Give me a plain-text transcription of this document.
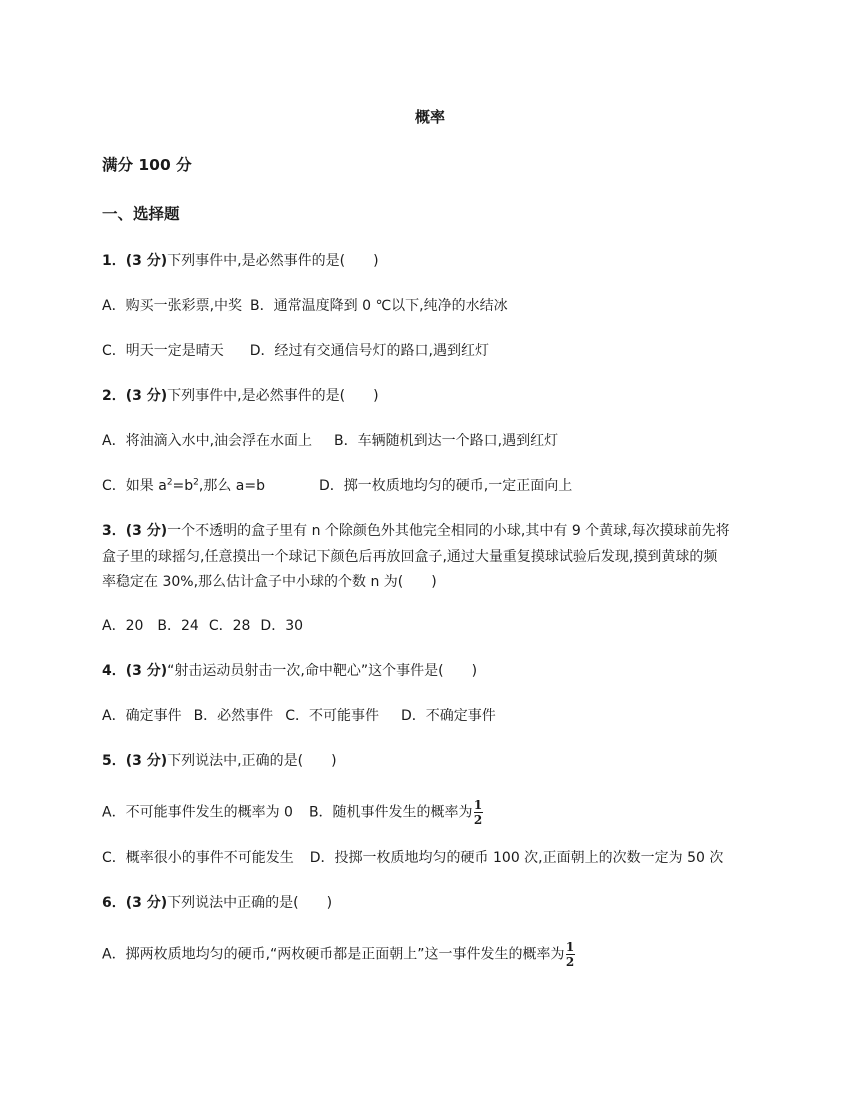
概率
满分 100 分
一、选择题
1．(3 分)下列事件中,是必然事件的是(　　)
A．购买一张彩票,中奖 B．通常温度降到 0 ℃以下,纯净的水结冰
C．明天一定是晴天 D．经过有交通信号灯的路口,遇到红灯
2．(3 分)下列事件中,是必然事件的是(　　)
A．将油滴入水中,油会浮在水面上 B．车辆随机到达一个路口,遇到红灯
C．如果 $a^2=b^2$,那么 a=b	D．掷一枚质地均匀的硬币,一定正面向上
3．(3 分)一个不透明的盒子里有 n 个除颜色外其他完全相同的小球,其中有 9 个黄球,每次摸球前先将
盒子里的球摇匀,任意摸出一个球记下颜色后再放回盒子,通过大量重复摸球试验后发现,摸到黄球的频
率稳定在 30%,那么估计盒子中小球的个数 n 为(　　)
A．20 B．24 C．28 D．30
4．(3 分)“射击运动员射击一次,命中靶心”这个事件是(　　)
A．确定事件 B．必然事件 C．不可能事件 D．不确定事件
5．(3 分)下列说法中,正确的是(　　)
A．不可能事件发生的概率为 0 B．随机事件发生的概率为 $\frac{1}{2}$
C．概率很小的事件不可能发生 D．投掷一枚质地均匀的硬币 100 次,正面朝上的次数一定为 50 次
6．(3 分)下列说法中正确的是(　　)
A．掷两枚质地均匀的硬币,“两枚硬币都是正面朝上”这一事件发生的概率为 $\frac{1}{2}$
